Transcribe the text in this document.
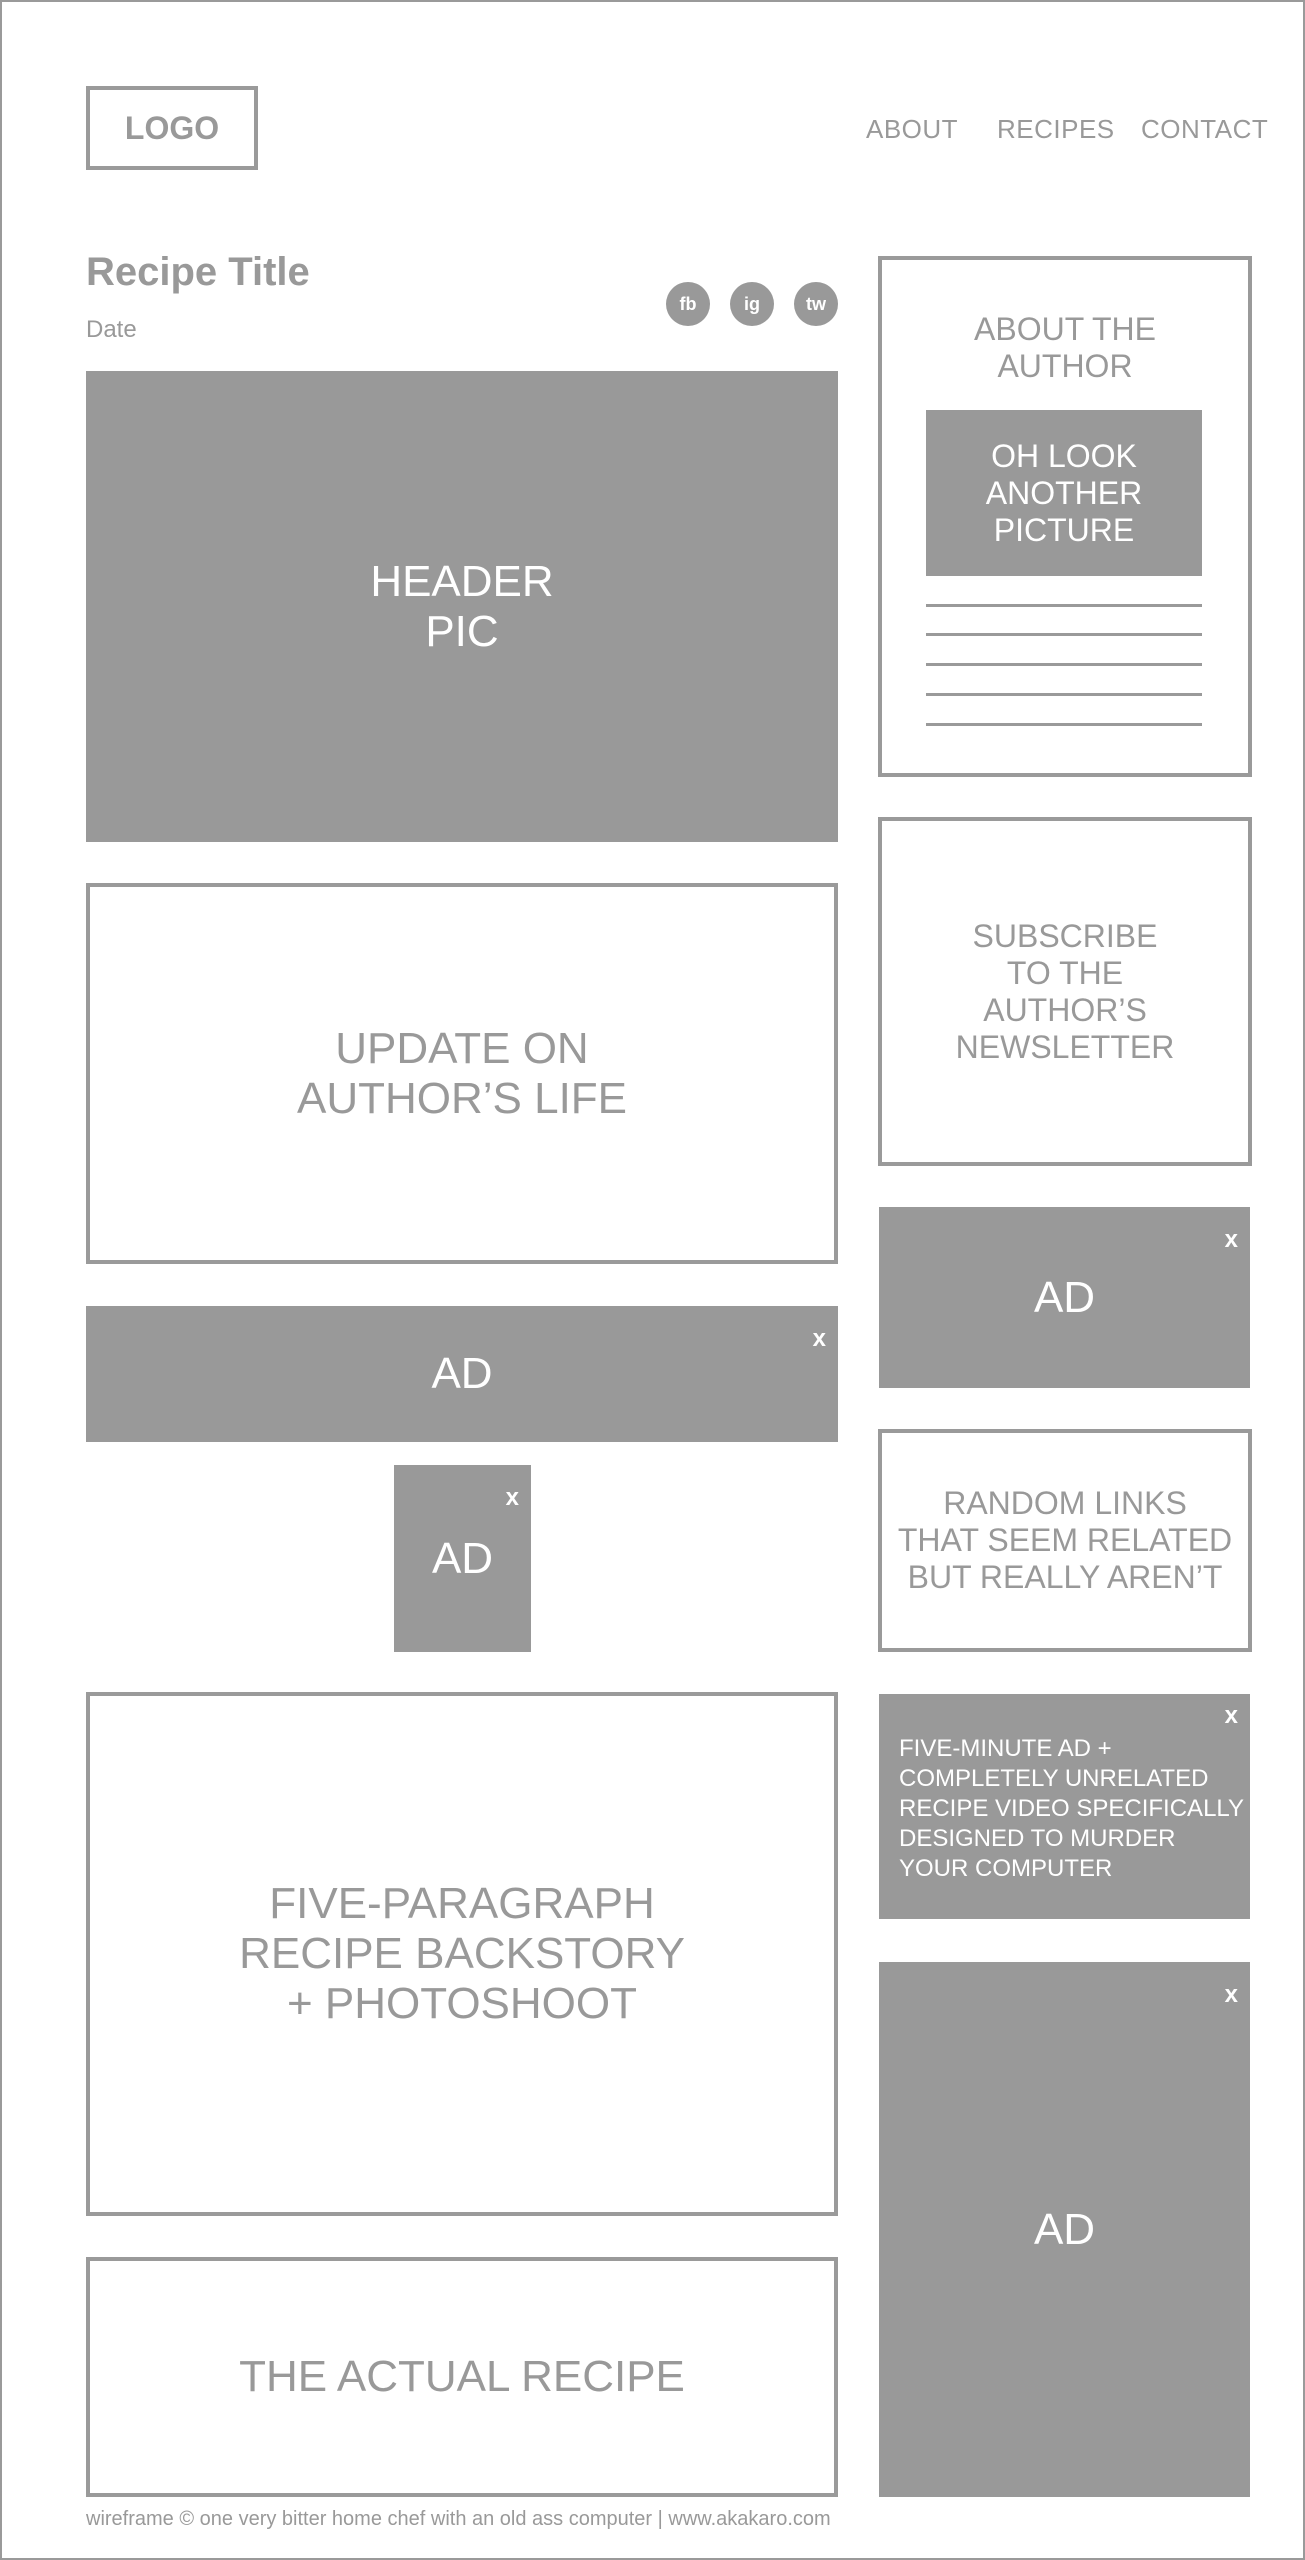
LOGO	ABOUT RECIPES CONTACT
Recipe Title
Date
fb	ig	tw
HEADER
PIC
UPDATE ON
AUTHOR’S LIFE
AD
x
AD
x
FIVE-PARAGRAPH
RECIPE BACKSTORY
+ PHOTOSHOOT
THE ACTUAL RECIPE
ABOUT THE
AUTHOR
OH LOOK
ANOTHER
PICTURE
SUBSCRIBE
TO THE
AUTHOR’S
NEWSLETTER
AD
x
RANDOM LINKS
THAT SEEM RELATED
BUT REALLY AREN’T
FIVE-MINUTE AD +
COMPLETELY UNRELATED
RECIPE VIDEO SPECIFICALLY
DESIGNED TO MURDER
YOUR COMPUTER
x
AD
x
wireframe © one very bitter home chef with an old ass computer | www.akakaro.com
